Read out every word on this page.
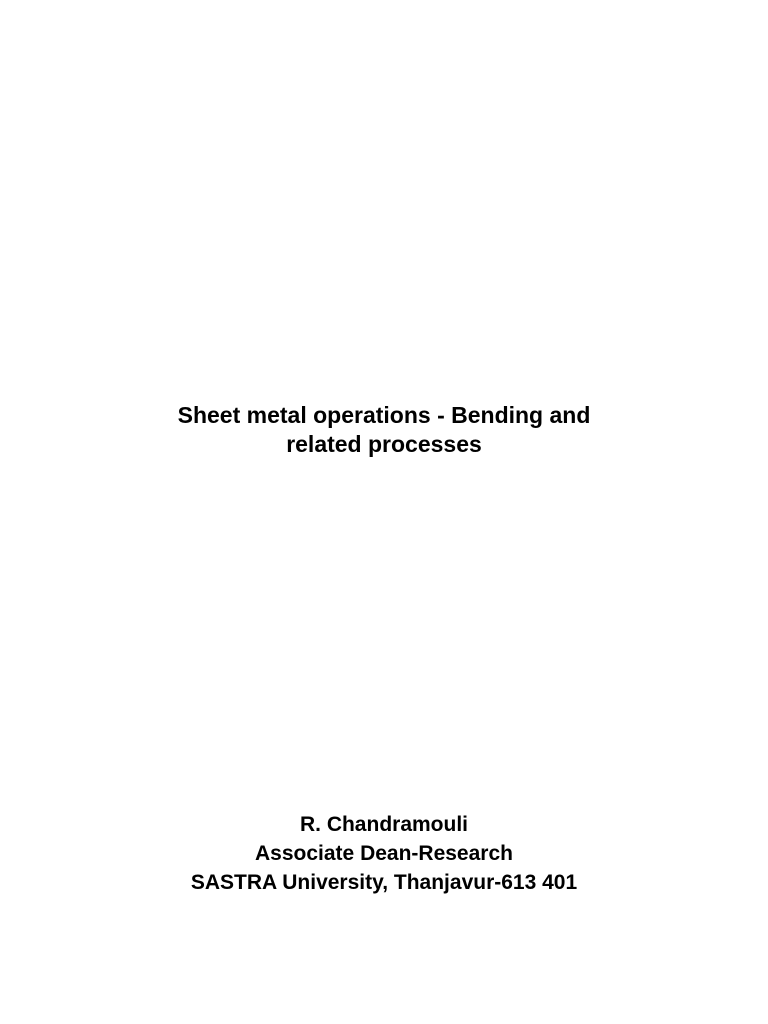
Sheet metal operations - Bending and
related processes
R. Chandramouli
Associate Dean-Research
SASTRA University, Thanjavur-613 401
